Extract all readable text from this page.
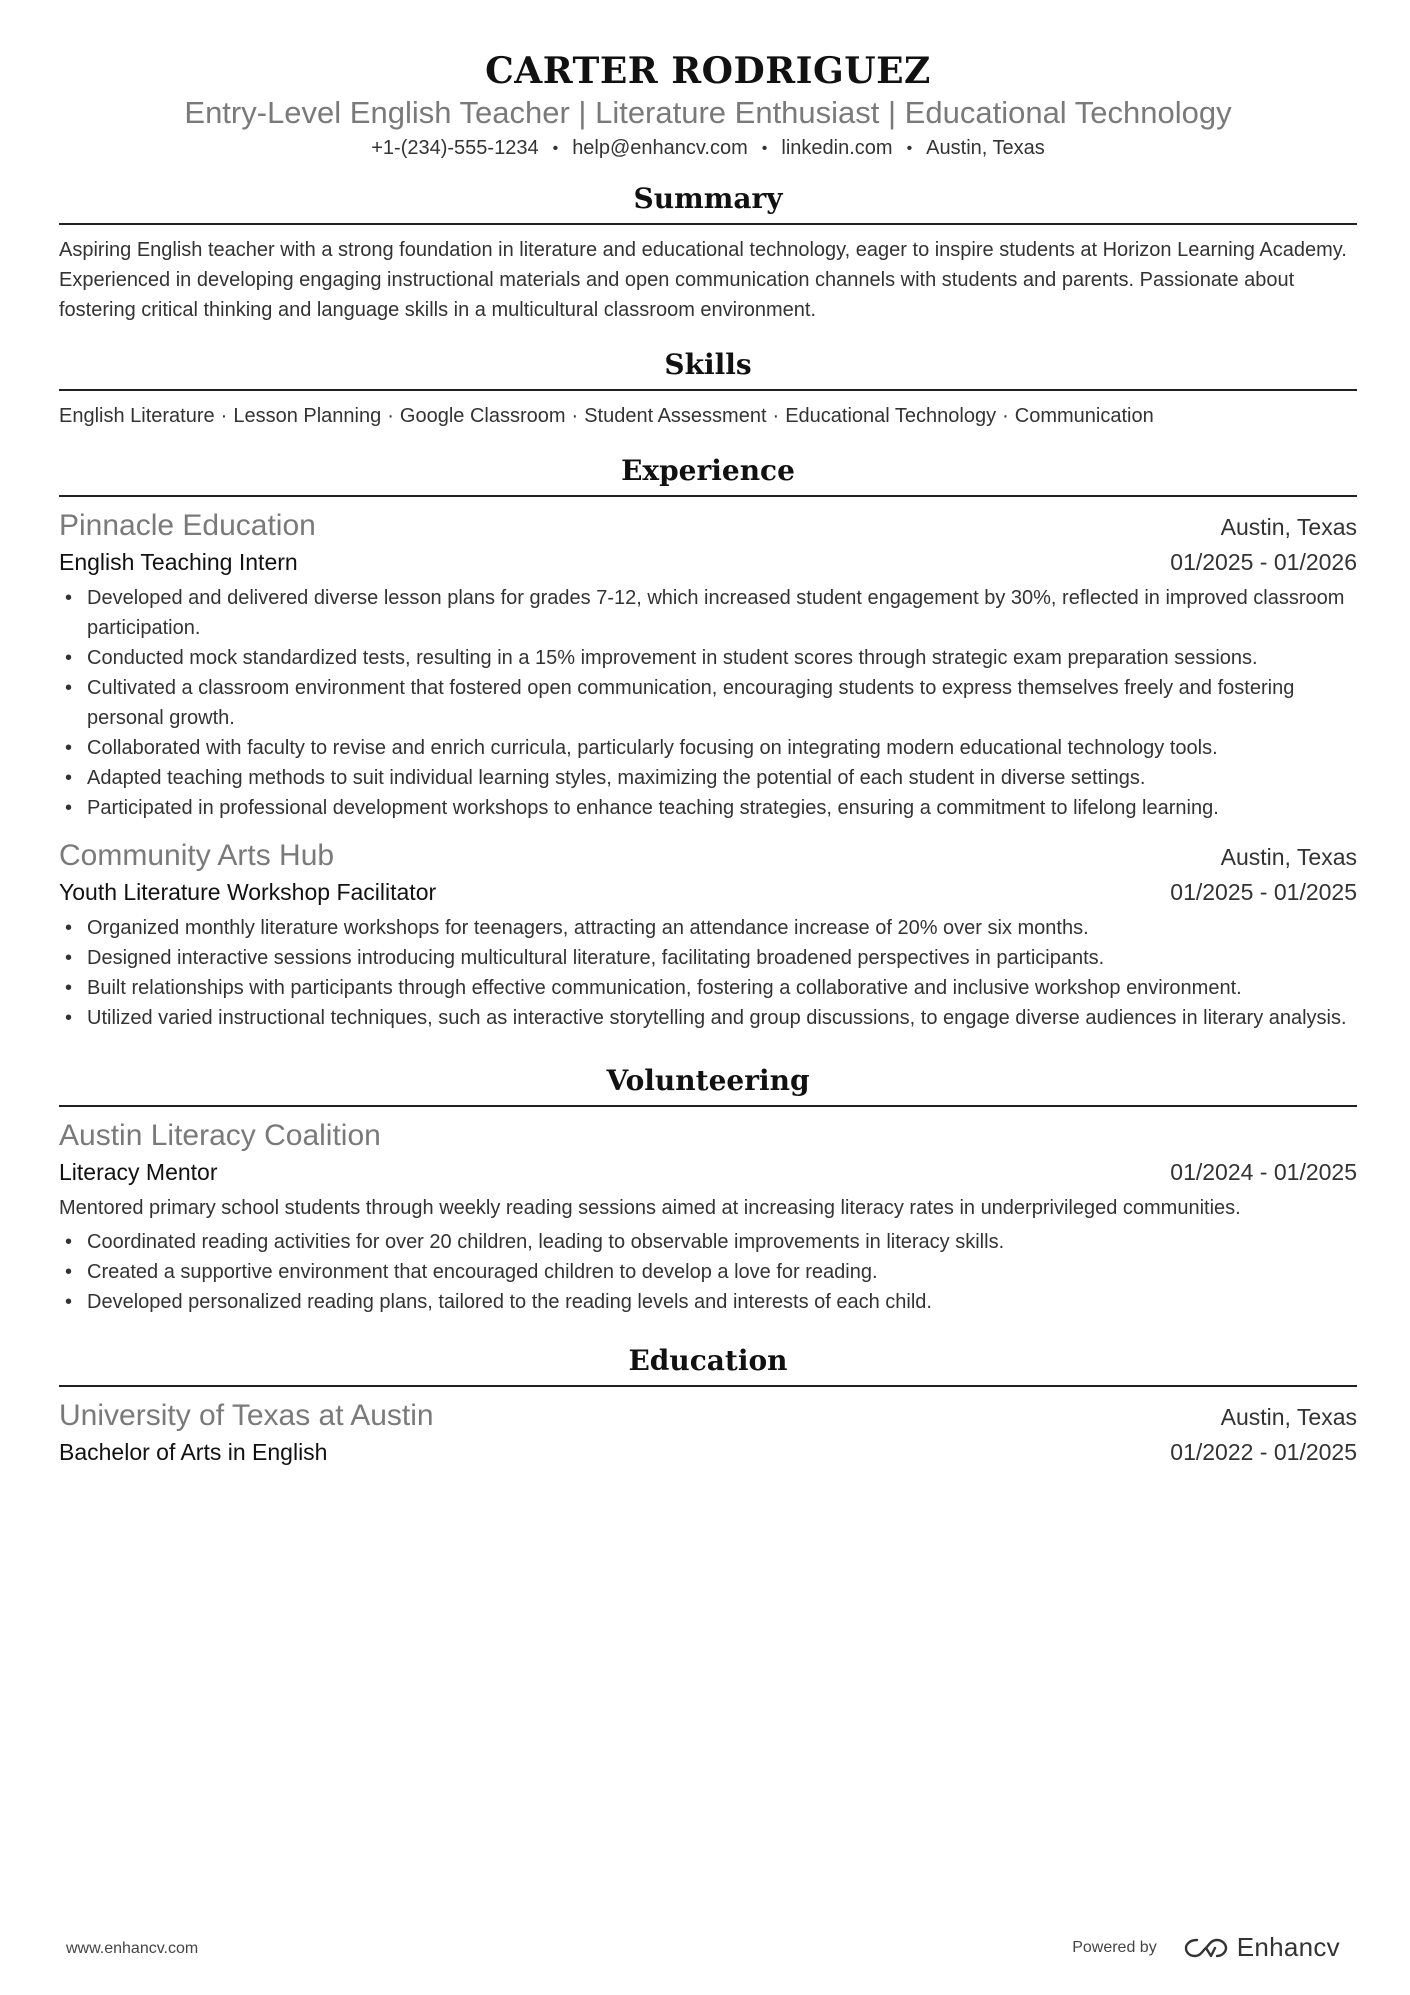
CARTER RODRIGUEZ
Entry-Level English Teacher | Literature Enthusiast | Educational Technology
+1-(234)-555-1234 • help@enhancv.com • linkedin.com • Austin, Texas
Summary

Aspiring English teacher with a strong foundation in literature and educational technology, eager to inspire students at Horizon Learning Academy. Experienced in developing engaging instructional materials and open communication channels with students and parents. Passionate about fostering critical thinking and language skills in a multicultural classroom environment.

Skills
English Literature · Lesson Planning · Google Classroom · Student Assessment · Educational Technology · Communication
Experience
Pinnacle Education	Austin, Texas
English Teaching Intern	01/2025 - 01/2026
• Developed and delivered diverse lesson plans for grades 7-12, which increased student engagement by 30%, reflected in improved classroom participation.
• Conducted mock standardized tests, resulting in a 15% improvement in student scores through strategic exam preparation sessions.
• Cultivated a classroom environment that fostered open communication, encouraging students to express themselves freely and fostering personal growth.
• Collaborated with faculty to revise and enrich curricula, particularly focusing on integrating modern educational technology tools.
• Adapted teaching methods to suit individual learning styles, maximizing the potential of each student in diverse settings.
• Participated in professional development workshops to enhance teaching strategies, ensuring a commitment to lifelong learning.
Community Arts Hub	Austin, Texas
Youth Literature Workshop Facilitator	01/2025 - 01/2025
• Organized monthly literature workshops for teenagers, attracting an attendance increase of 20% over six months.
• Designed interactive sessions introducing multicultural literature, facilitating broadened perspectives in participants.
• Built relationships with participants through effective communication, fostering a collaborative and inclusive workshop environment.
• Utilized varied instructional techniques, such as interactive storytelling and group discussions, to engage diverse audiences in literary analysis.
Volunteering
Austin Literacy Coalition
Literacy Mentor	01/2024 - 01/2025

Mentored primary school students through weekly reading sessions aimed at increasing literacy rates in underprivileged communities.

• Coordinated reading activities for over 20 children, leading to observable improvements in literacy skills.
• Created a supportive environment that encouraged children to develop a love for reading.
• Developed personalized reading plans, tailored to the reading levels and interests of each child.
Education
University of Texas at Austin	Austin, Texas
Bachelor of Arts in English	01/2022 - 01/2025
www.enhancv.com	Powered by	Enhancv
